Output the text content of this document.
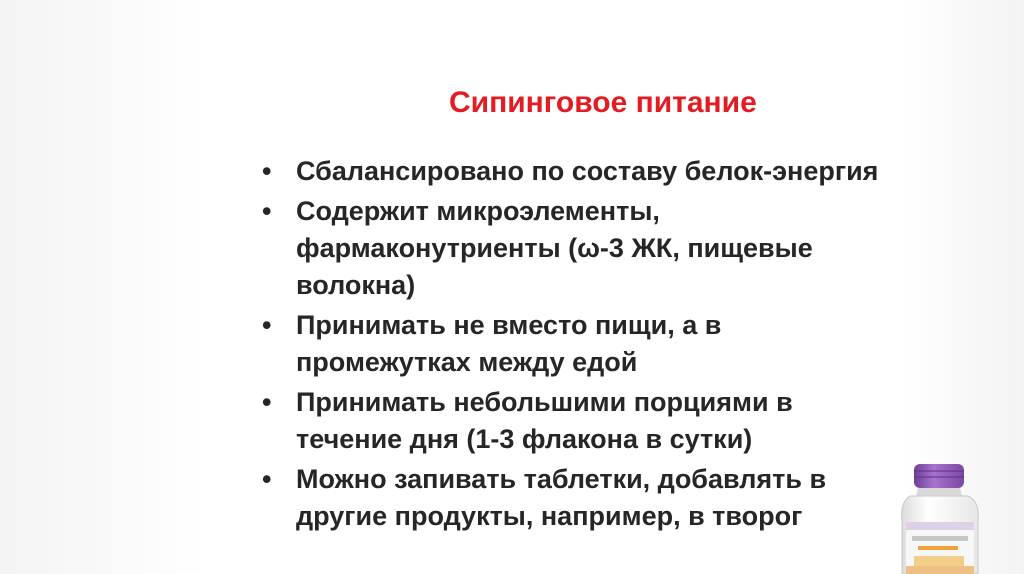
Сипинговое питание
• Сбалансировано по составу белок-энергия
• Содержит микроэлементы,
фармаконутриенты (ω-3 ЖК, пищевые
волокна)
• Принимать не вместо пищи, а в
промежутках между едой
• Принимать небольшими порциями в
течение дня (1-3 флакона в сутки)
• Можно запивать таблетки, добавлять в
другие продукты, например, в творог
